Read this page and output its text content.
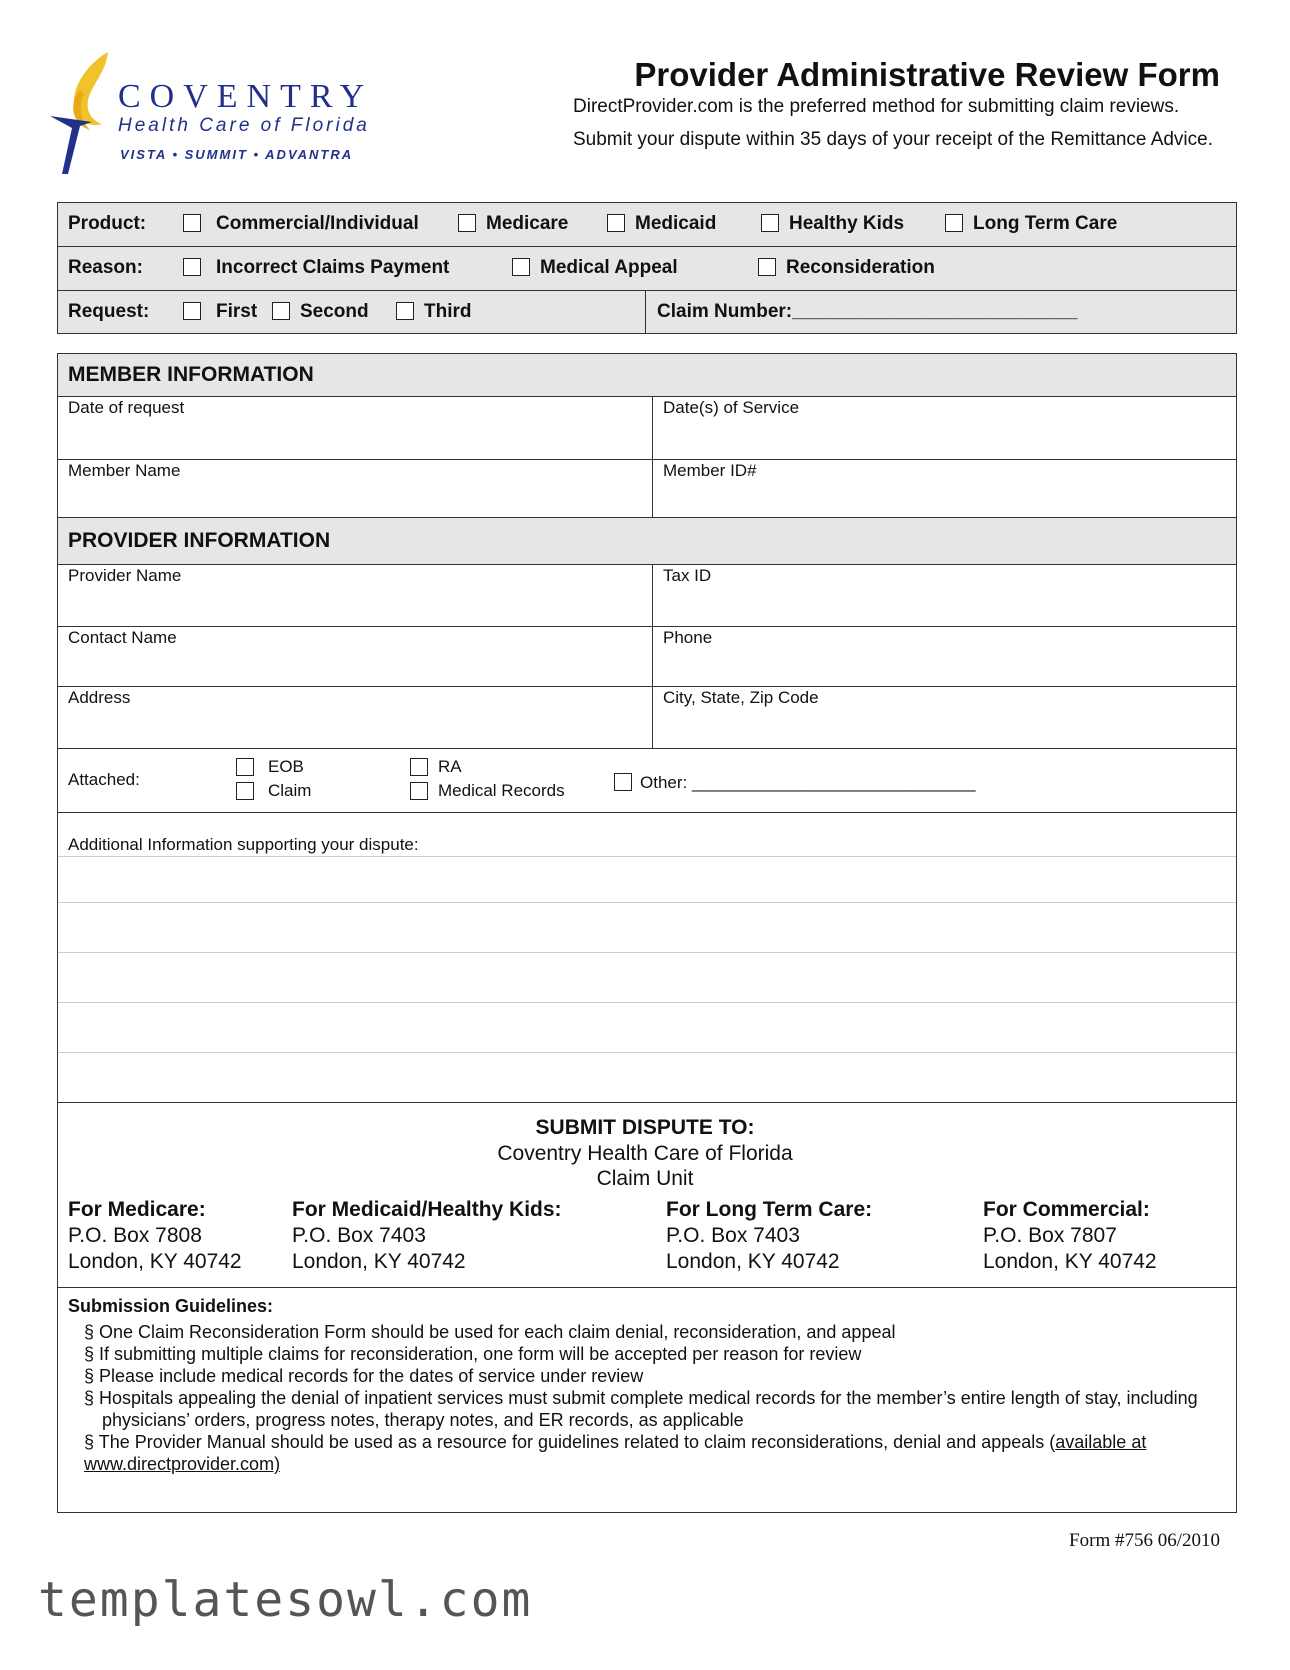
COVENTRY
Health Care of Florida
VISTA • SUMMIT • ADVANTRA
Provider Administrative Review Form
DirectProvider.com is the preferred method for submitting claim reviews.
Submit your dispute within 35 days of your receipt of the Remittance Advice.
Product:	Commercial/Individual	Medicare	Medicaid	Healthy Kids	Long Term Care
Reason:	Incorrect Claims Payment	Medical Appeal	Reconsideration
Request:	First Second	Third	Claim Number:___________________________
MEMBER INFORMATION
Date of request	Date(s) of Service
Member Name	Member ID#
PROVIDER INFORMATION
Provider Name	Tax ID
Contact Name	Phone
Address	City, State, Zip Code
Attached:
EOB
Claim
RA
Medical Records	Other: ______________________________
Additional Information supporting your dispute:
SUBMIT DISPUTE TO:
Coventry Health Care of Florida
Claim Unit
For Medicare:
P.O. Box 7808
London, KY 40742
For Medicaid/Healthy Kids:
P.O. Box 7403
London, KY 40742
For Long Term Care:
P.O. Box 7403
London, KY 40742
For Commercial:
P.O. Box 7807
London, KY 40742
Submission Guidelines:
§ One Claim Reconsideration Form should be used for each claim denial, reconsideration, and appeal
§ If submitting multiple claims for reconsideration, one form will be accepted per reason for review
§ Please include medical records for the dates of service under review
§ Hospitals appealing the denial of inpatient services must submit complete medical records for the member’s entire length of stay, including physicians’ orders, progress notes, therapy notes, and ER records, as applicable
§ The Provider Manual should be used as a resource for guidelines related to claim reconsiderations, denial and appeals (available at www.directprovider.com)
Form #756 06/2010
templatesowl.com
